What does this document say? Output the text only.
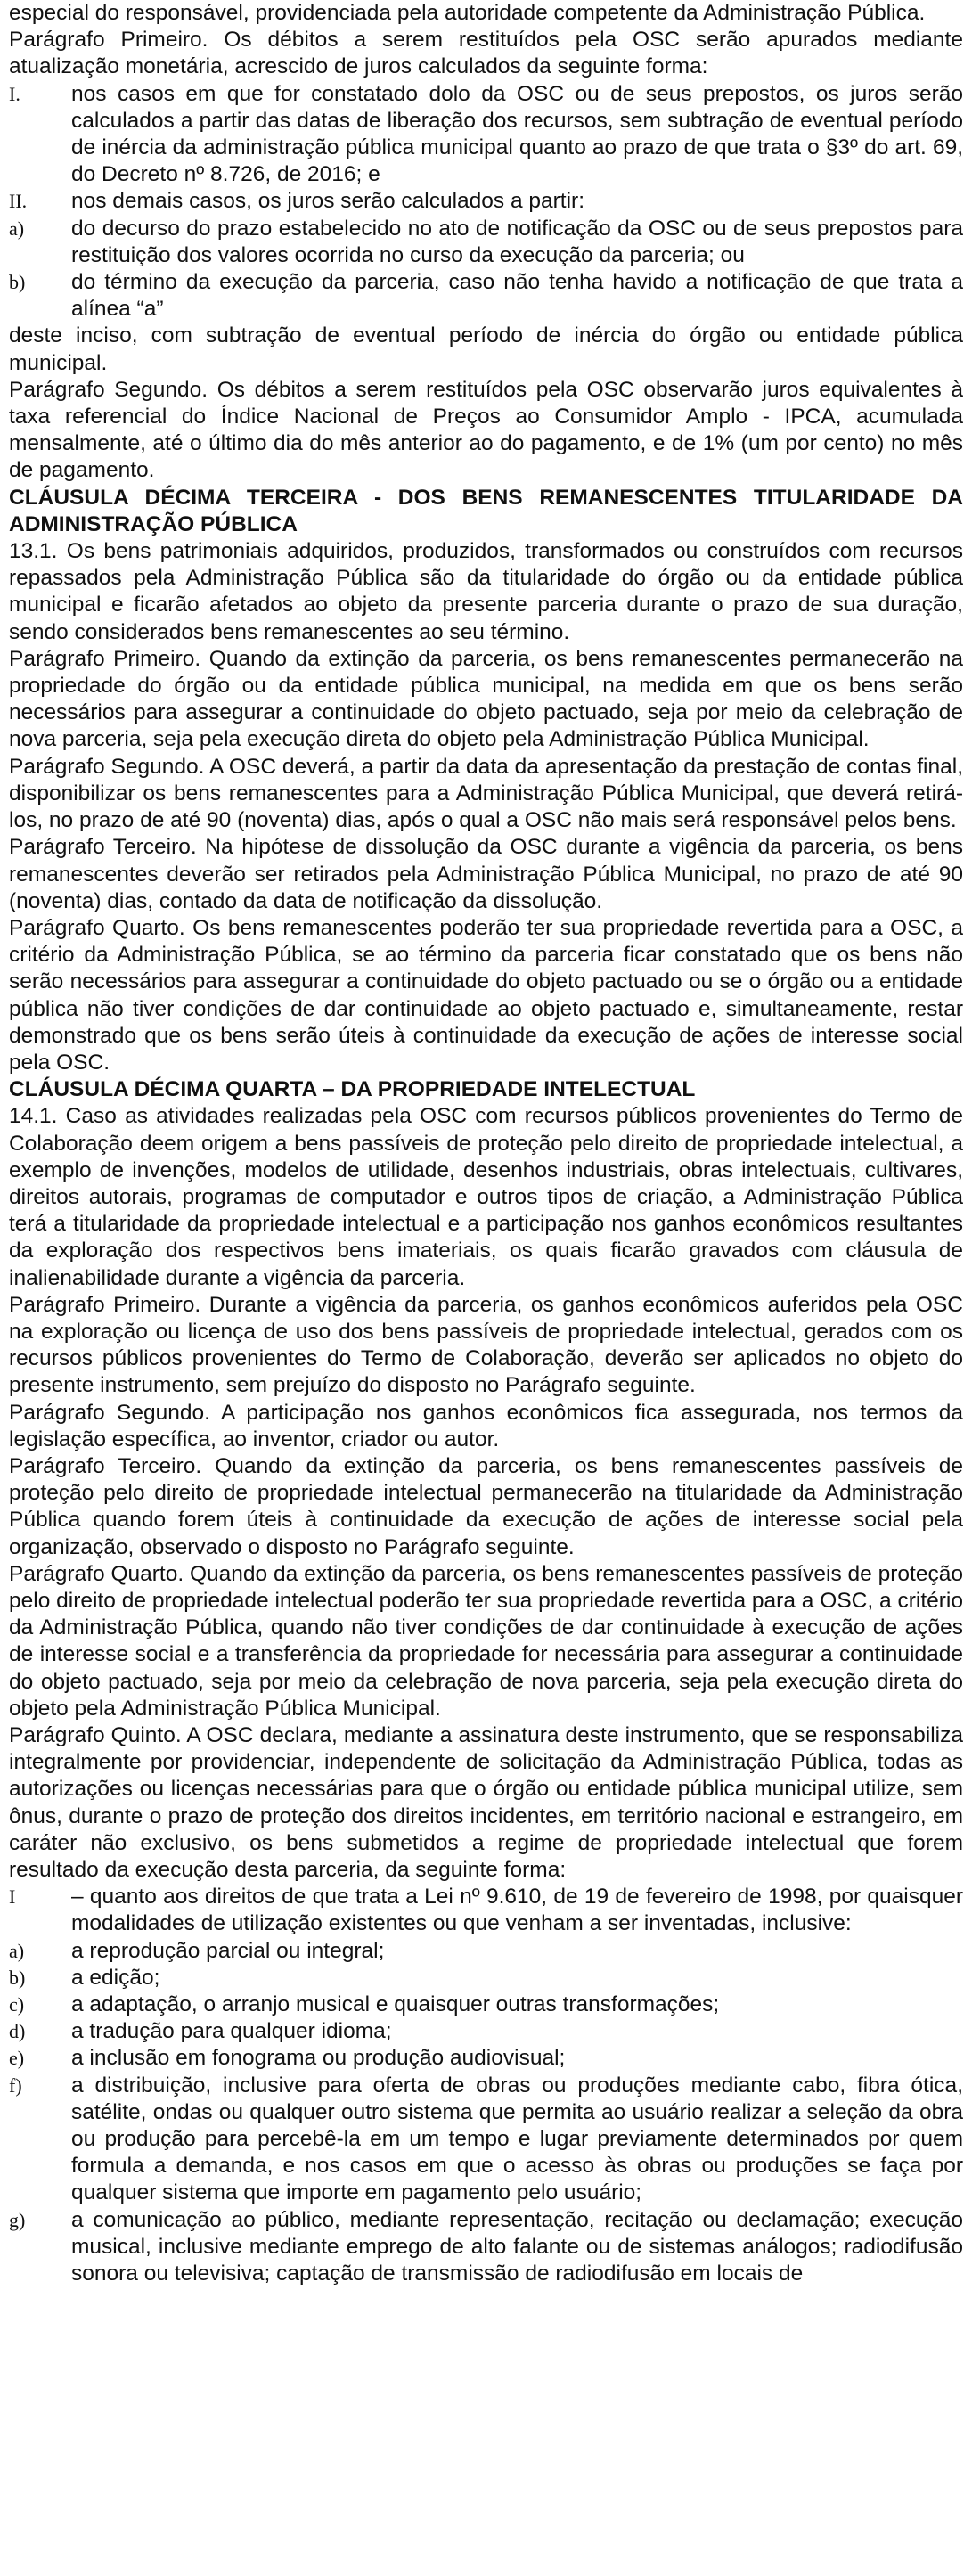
especial do responsável, providenciada pela autoridade competente da Administração Pública.

Parágrafo Primeiro. Os débitos a serem restituídos pela OSC serão apurados mediante atualização monetária, acrescido de juros calculados da seguinte forma:

I.	nos casos em que for constatado dolo da OSC ou de seus prepostos, os juros serão calculados a partir das datas de liberação dos recursos, sem subtração de eventual período de inércia da administração pública municipal quanto ao prazo de que trata o §3º do art. 69, do Decreto nº 8.726, de 2016; e
II.	nos demais casos, os juros serão calculados a partir:
a)	do decurso do prazo estabelecido no ato de notificação da OSC ou de seus prepostos para restituição dos valores ocorrida no curso da execução da parceria; ou
b)	do término da execução da parceria, caso não tenha havido a notificação de que trata a alínea “a”

deste inciso, com subtração de eventual período de inércia do órgão ou entidade pública municipal.

Parágrafo Segundo. Os débitos a serem restituídos pela OSC observarão juros equivalentes à taxa referencial do Índice Nacional de Preços ao Consumidor Amplo - IPCA, acumulada mensalmente, até o último dia do mês anterior ao do pagamento, e de 1% (um por cento) no mês de pagamento.

CLÁUSULA DÉCIMA TERCEIRA - DOS BENS REMANESCENTES TITULARIDADE DA ADMINISTRAÇÃO PÚBLICA

13.1. Os bens patrimoniais adquiridos, produzidos, transformados ou construídos com recursos repassados pela Administração Pública são da titularidade do órgão ou da entidade pública municipal e ficarão afetados ao objeto da presente parceria durante o prazo de sua duração, sendo considerados bens remanescentes ao seu término.

Parágrafo Primeiro. Quando da extinção da parceria, os bens remanescentes permanecerão na propriedade do órgão ou da entidade pública municipal, na medida em que os bens serão necessários para assegurar a continuidade do objeto pactuado, seja por meio da celebração de nova parceria, seja pela execução direta do objeto pela Administração Pública Municipal.

Parágrafo Segundo. A OSC deverá, a partir da data da apresentação da prestação de contas final, disponibilizar os bens remanescentes para a Administração Pública Municipal, que deverá retirá-los, no prazo de até 90 (noventa) dias, após o qual a OSC não mais será responsável pelos bens.

Parágrafo Terceiro. Na hipótese de dissolução da OSC durante a vigência da parceria, os bens remanescentes deverão ser retirados pela Administração Pública Municipal, no prazo de até 90 (noventa) dias, contado da data de notificação da dissolução.

Parágrafo Quarto. Os bens remanescentes poderão ter sua propriedade revertida para a OSC, a critério da Administração Pública, se ao término da parceria ficar constatado que os bens não serão necessários para assegurar a continuidade do objeto pactuado ou se o órgão ou a entidade pública não tiver condições de dar continuidade ao objeto pactuado e, simultaneamente, restar demonstrado que os bens serão úteis à continuidade da execução de ações de interesse social pela OSC.

CLÁUSULA DÉCIMA QUARTA – DA PROPRIEDADE INTELECTUAL

14.1. Caso as atividades realizadas pela OSC com recursos públicos provenientes do Termo de Colaboração deem origem a bens passíveis de proteção pelo direito de propriedade intelectual, a exemplo de invenções, modelos de utilidade, desenhos industriais, obras intelectuais, cultivares, direitos autorais, programas de computador e outros tipos de criação, a Administração Pública terá a titularidade da propriedade intelectual e a participação nos ganhos econômicos resultantes da exploração dos respectivos bens imateriais, os quais ficarão gravados com cláusula de inalienabilidade durante a vigência da parceria.

Parágrafo Primeiro. Durante a vigência da parceria, os ganhos econômicos auferidos pela OSC na exploração ou licença de uso dos bens passíveis de propriedade intelectual, gerados com os recursos públicos provenientes do Termo de Colaboração, deverão ser aplicados no objeto do presente instrumento, sem prejuízo do disposto no Parágrafo seguinte.

Parágrafo Segundo. A participação nos ganhos econômicos fica assegurada, nos termos da legislação específica, ao inventor, criador ou autor.

Parágrafo Terceiro. Quando da extinção da parceria, os bens remanescentes passíveis de proteção pelo direito de propriedade intelectual permanecerão na titularidade da Administração Pública quando forem úteis à continuidade da execução de ações de interesse social pela organização, observado o disposto no Parágrafo seguinte.

Parágrafo Quarto. Quando da extinção da parceria, os bens remanescentes passíveis de proteção pelo direito de propriedade intelectual poderão ter sua propriedade revertida para a OSC, a critério da Administração Pública, quando não tiver condições de dar continuidade à execução de ações de interesse social e a transferência da propriedade for necessária para assegurar a continuidade do objeto pactuado, seja por meio da celebração de nova parceria, seja pela execução direta do objeto pela Administração Pública Municipal.

Parágrafo Quinto. A OSC declara, mediante a assinatura deste instrumento, que se responsabiliza integralmente por providenciar, independente de solicitação da Administração Pública, todas as autorizações ou licenças necessárias para que o órgão ou entidade pública municipal utilize, sem ônus, durante o prazo de proteção dos direitos incidentes, em território nacional e estrangeiro, em caráter não exclusivo, os bens submetidos a regime de propriedade intelectual que forem resultado da execução desta parceria, da seguinte forma:

I	– quanto aos direitos de que trata a Lei nº 9.610, de 19 de fevereiro de 1998, por quaisquer modalidades de utilização existentes ou que venham a ser inventadas, inclusive:
a)	a reprodução parcial ou integral;
b)	a edição;
c)	a adaptação, o arranjo musical e quaisquer outras transformações;
d)	a tradução para qualquer idioma;
e)	a inclusão em fonograma ou produção audiovisual;
f)	a distribuição, inclusive para oferta de obras ou produções mediante cabo, fibra ótica, satélite, ondas ou qualquer outro sistema que permita ao usuário realizar a seleção da obra ou produção para percebê-la em um tempo e lugar previamente determinados por quem formula a demanda, e nos casos em que o acesso às obras ou produções se faça por qualquer sistema que importe em pagamento pelo usuário;
g)	a comunicação ao público, mediante representação, recitação ou declamação; execução musical, inclusive mediante emprego de alto falante ou de sistemas análogos; radiodifusão sonora ou televisiva; captação de transmissão de radiodifusão em locais de
